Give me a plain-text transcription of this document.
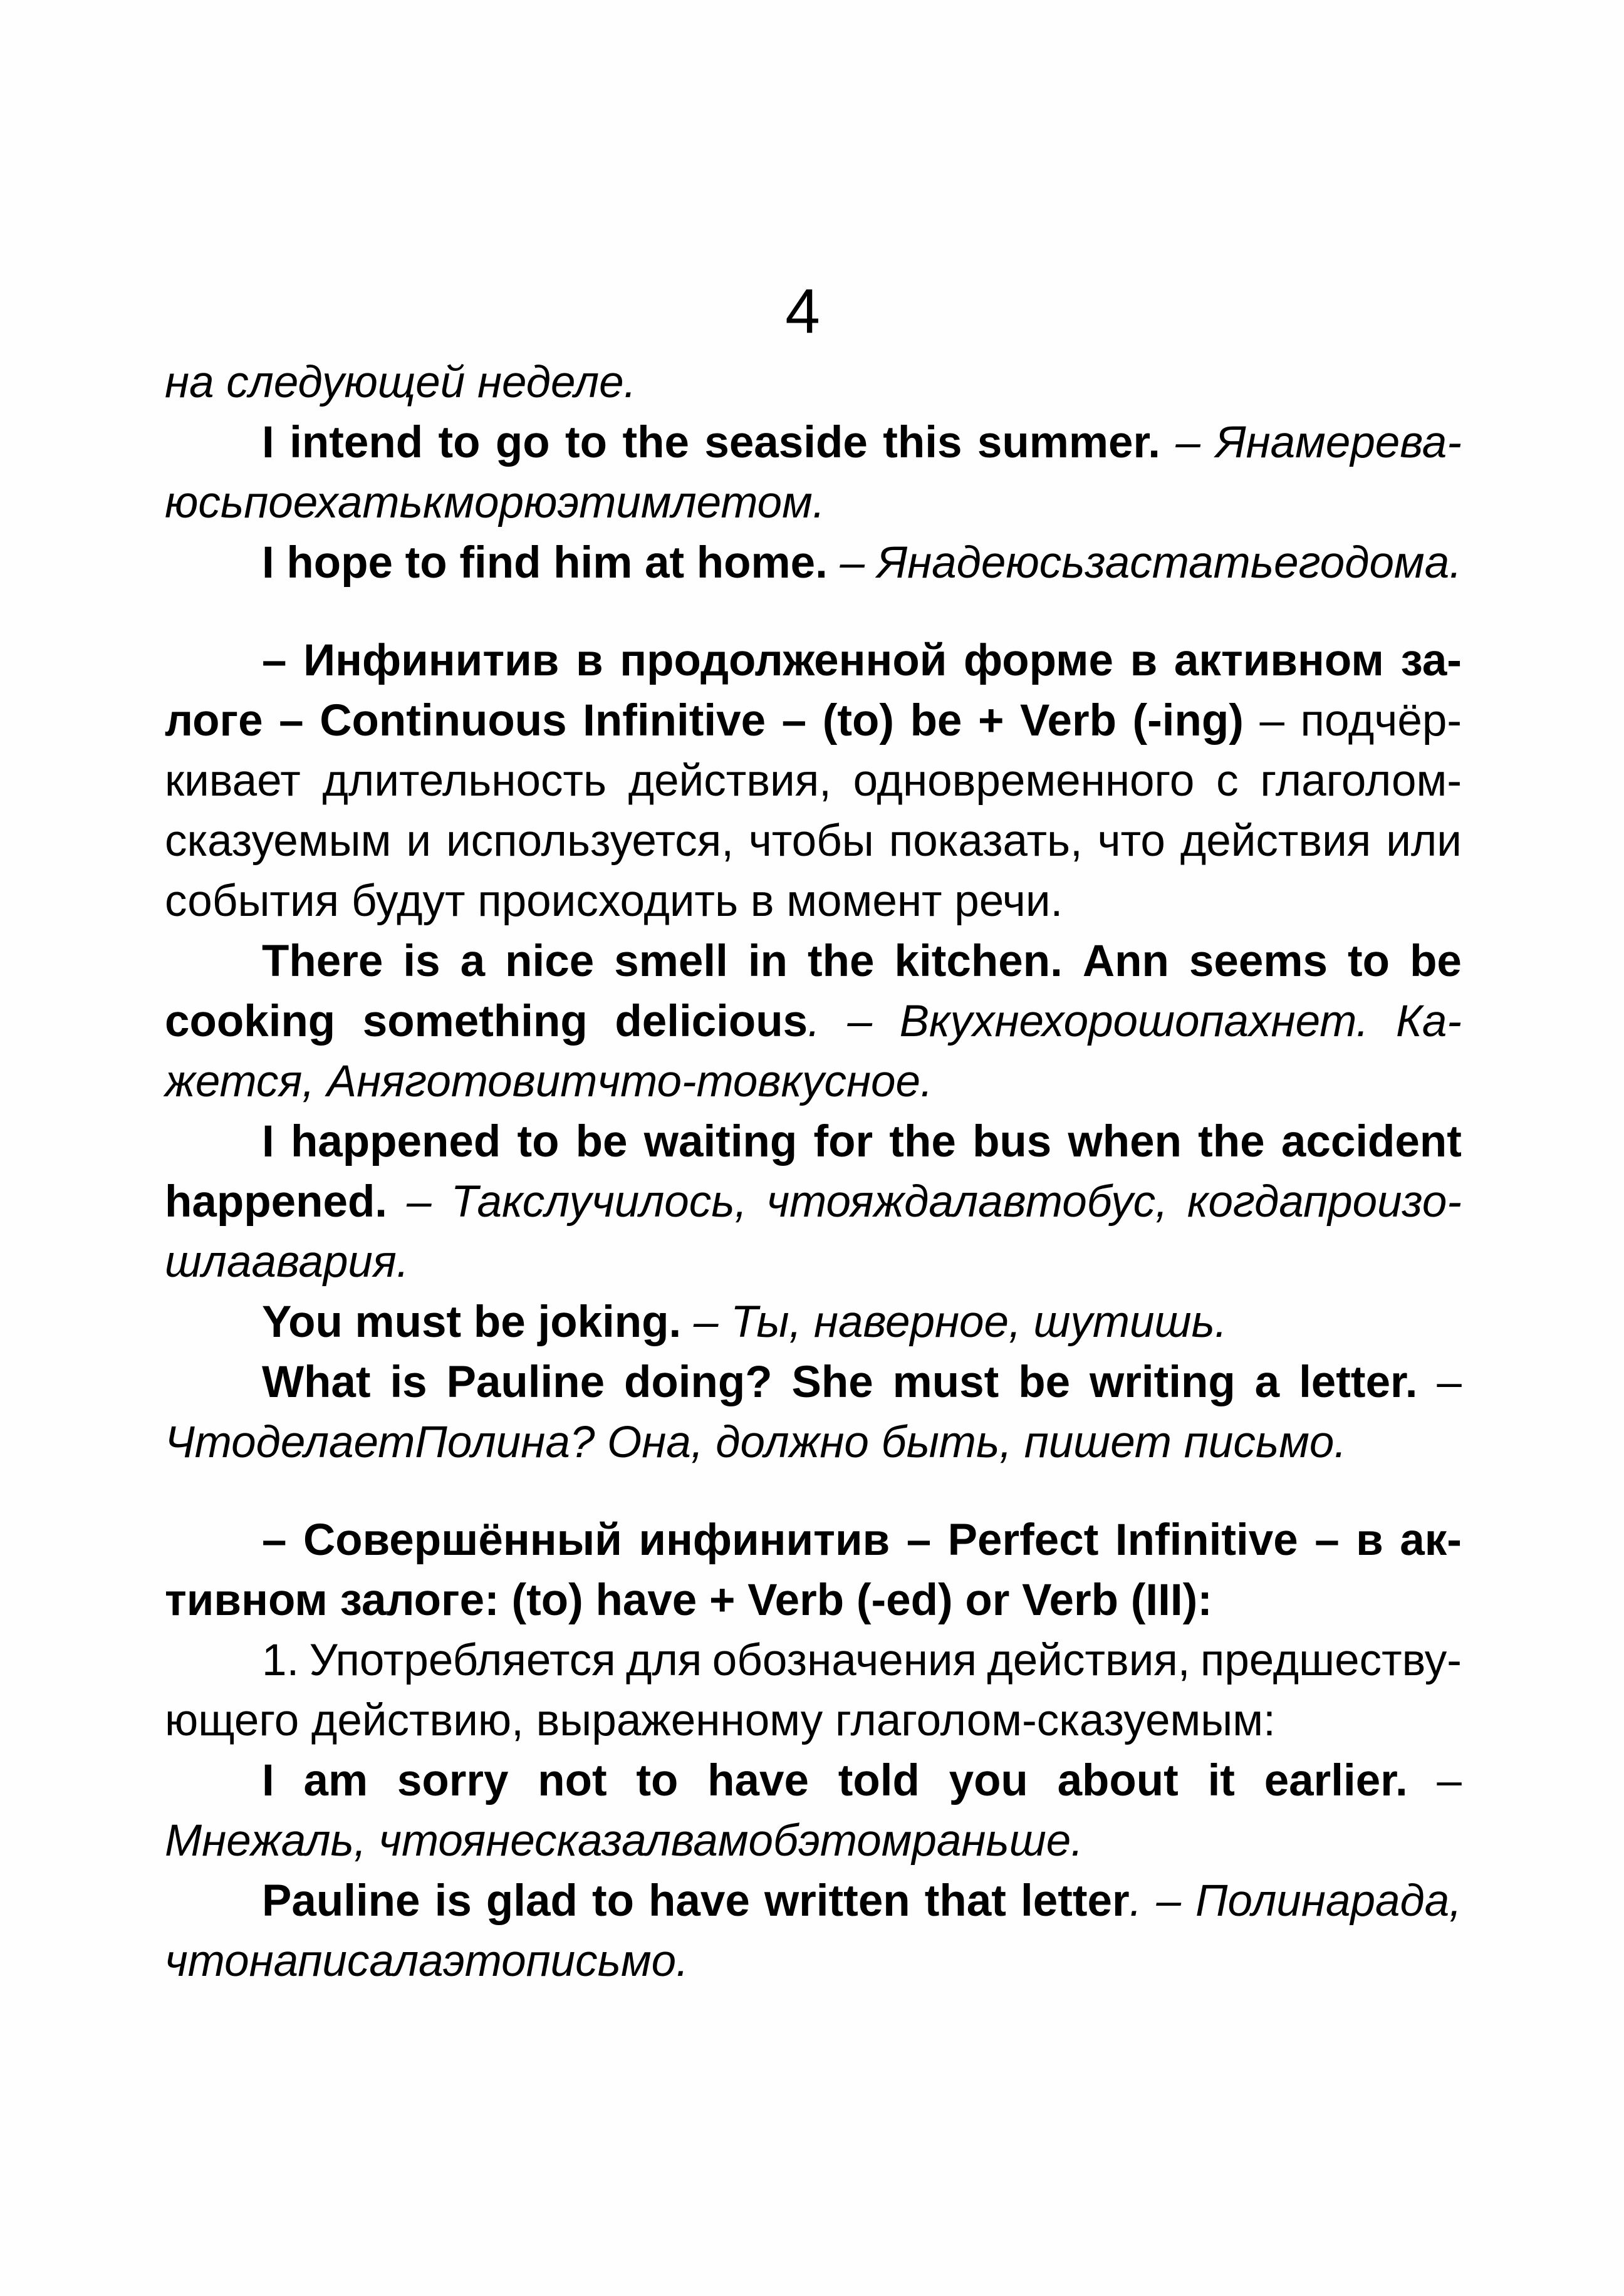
4
на следующей неделе.
I intend to go to the seaside this summer. – Янамерева-
юсьпоехатькморюэтимлетом.
I hope to find him at home. – Янадеюсьзастатьегодома.
– Инфинитив в продолженной форме в активном за-
логе – Continuous Infinitive – (to) be + Verb (-ing) – подчёр-
кивает длительность действия, одновременного с глаголом-
сказуемым и используется, чтобы показать, что действия или
события будут происходить в момент речи.
There is a nice smell in the kitchen. Ann seems to be
cooking something delicious. – Вкухнехорошопахнет. Ка-
жется, Аняготовитчто-товкусное.
I happened to be waiting for the bus when the accident
happened. – Такслучилось, чтояждалавтобус, когдапроизо-
шлаавария.
You must be joking. – Ты, наверное, шутишь.
What is Pauline doing? She must be writing a letter. –
ЧтоделаетПолина? Она, должно быть, пишет письмо.
– Совершённый инфинитив – Perfect Infinitive – в ак-
тивном залоге: (to) have + Verb (-ed) or Verb (III):
1. Употребляется для обозначения действия, предшеству-
ющего действию, выраженному глаголом-сказуемым:
I am sorry not to have told you about it earlier. –
Мнежаль, чтоянесказалвамобэтомраньше.
Pauline is glad to have written that letter. – Полинарада,
чтонаписалаэтописьмо.
